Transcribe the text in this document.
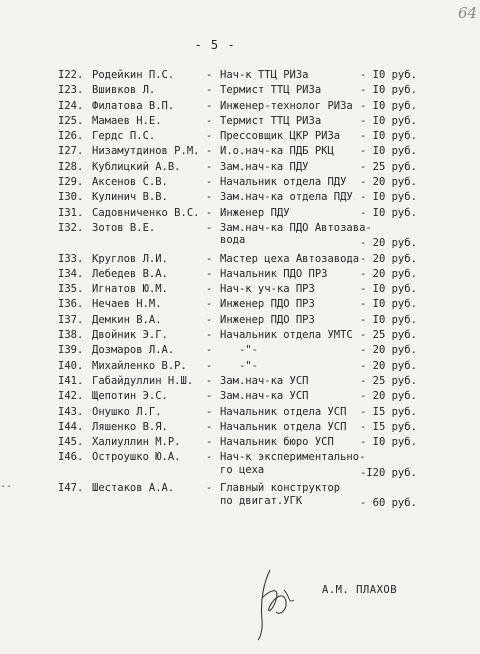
64
- 5 -
I22. Родейкин П.С.	- Нач-к ТТЦ РИЗа	- I0 руб.
I23. Вшивков Л.	- Термист ТТЦ РИЗа	- I0 руб.
I24. Филатова В.П.	- Инженер-технолог РИЗа - I0 руб.
I25. Мамаев Н.Е.	- Термист ТТЦ РИЗа	- I0 руб.
I26. Гердс П.С.	- Прессовщик ЦКР РИЗа - I0 руб.
I27. Низамутдинов Р.М. - И.о.нач-ка ПДБ РКЦ - I0 руб.
I28. Кублицкий А.В. - Зам.нач-ка ПДУ	- 25 руб.
I29. Аксенов С.В.	- Начальник отдела ПДУ - 20 руб.
I30. Кулинич В.В.	- Зам.нач-ка отдела ПДУ - I0 руб.
I31. Садовниченко В.С. - Инженер ПДУ	- I0 руб.
I32. Зотов В.Е.	- Зам.нач-ка ПДО Автозава-
вода	- 20 руб.
I33. Круглов Л.И.	- Мастер цеха Автозавода - 20 руб.
I34. Лебедев В.А.	- Начальник ПДО ПРЗ	- 20 руб.
I35. Игнатов Ю.М.	- Нач-к уч-ка ПРЗ	- I0 руб.
I36. Нечаев Н.М.	- Инженер ПДО ПРЗ	- I0 руб.
I37. Демкин В.А.	- Инженер ПДО ПРЗ	- I0 руб.
I38. Двойник Э.Г.	- Начальник отдела УМТС - 25 руб.
I39. Дозмаров Л.А.	- -"-	- 20 руб.
I40. Михайленко В.Р. - -"-	- 20 руб.
I41. Габайдуллин Н.Ш. - Зам.нач-ка УСП	- 25 руб.
I42. Щепотин Э.С.	- Зам.нач-ка УСП	- 20 руб.
I43. Онушко Л.Г.	- Начальник отдела УСП - I5 руб.
I44. Ляшенко В.Я.	- Начальник отдела УСП - I5 руб.
I45. Халиуллин М.Р. - Начальник бюро УСП - I0 руб.
I46. Остроушко Ю.А. - Нач-к экспериментально-
го цеха	-I20 руб.
I47. Шестаков А.А.	- Главный конструктор
по двигат.УГК	- 60 руб.
--
А.М. ПЛАХОВ
